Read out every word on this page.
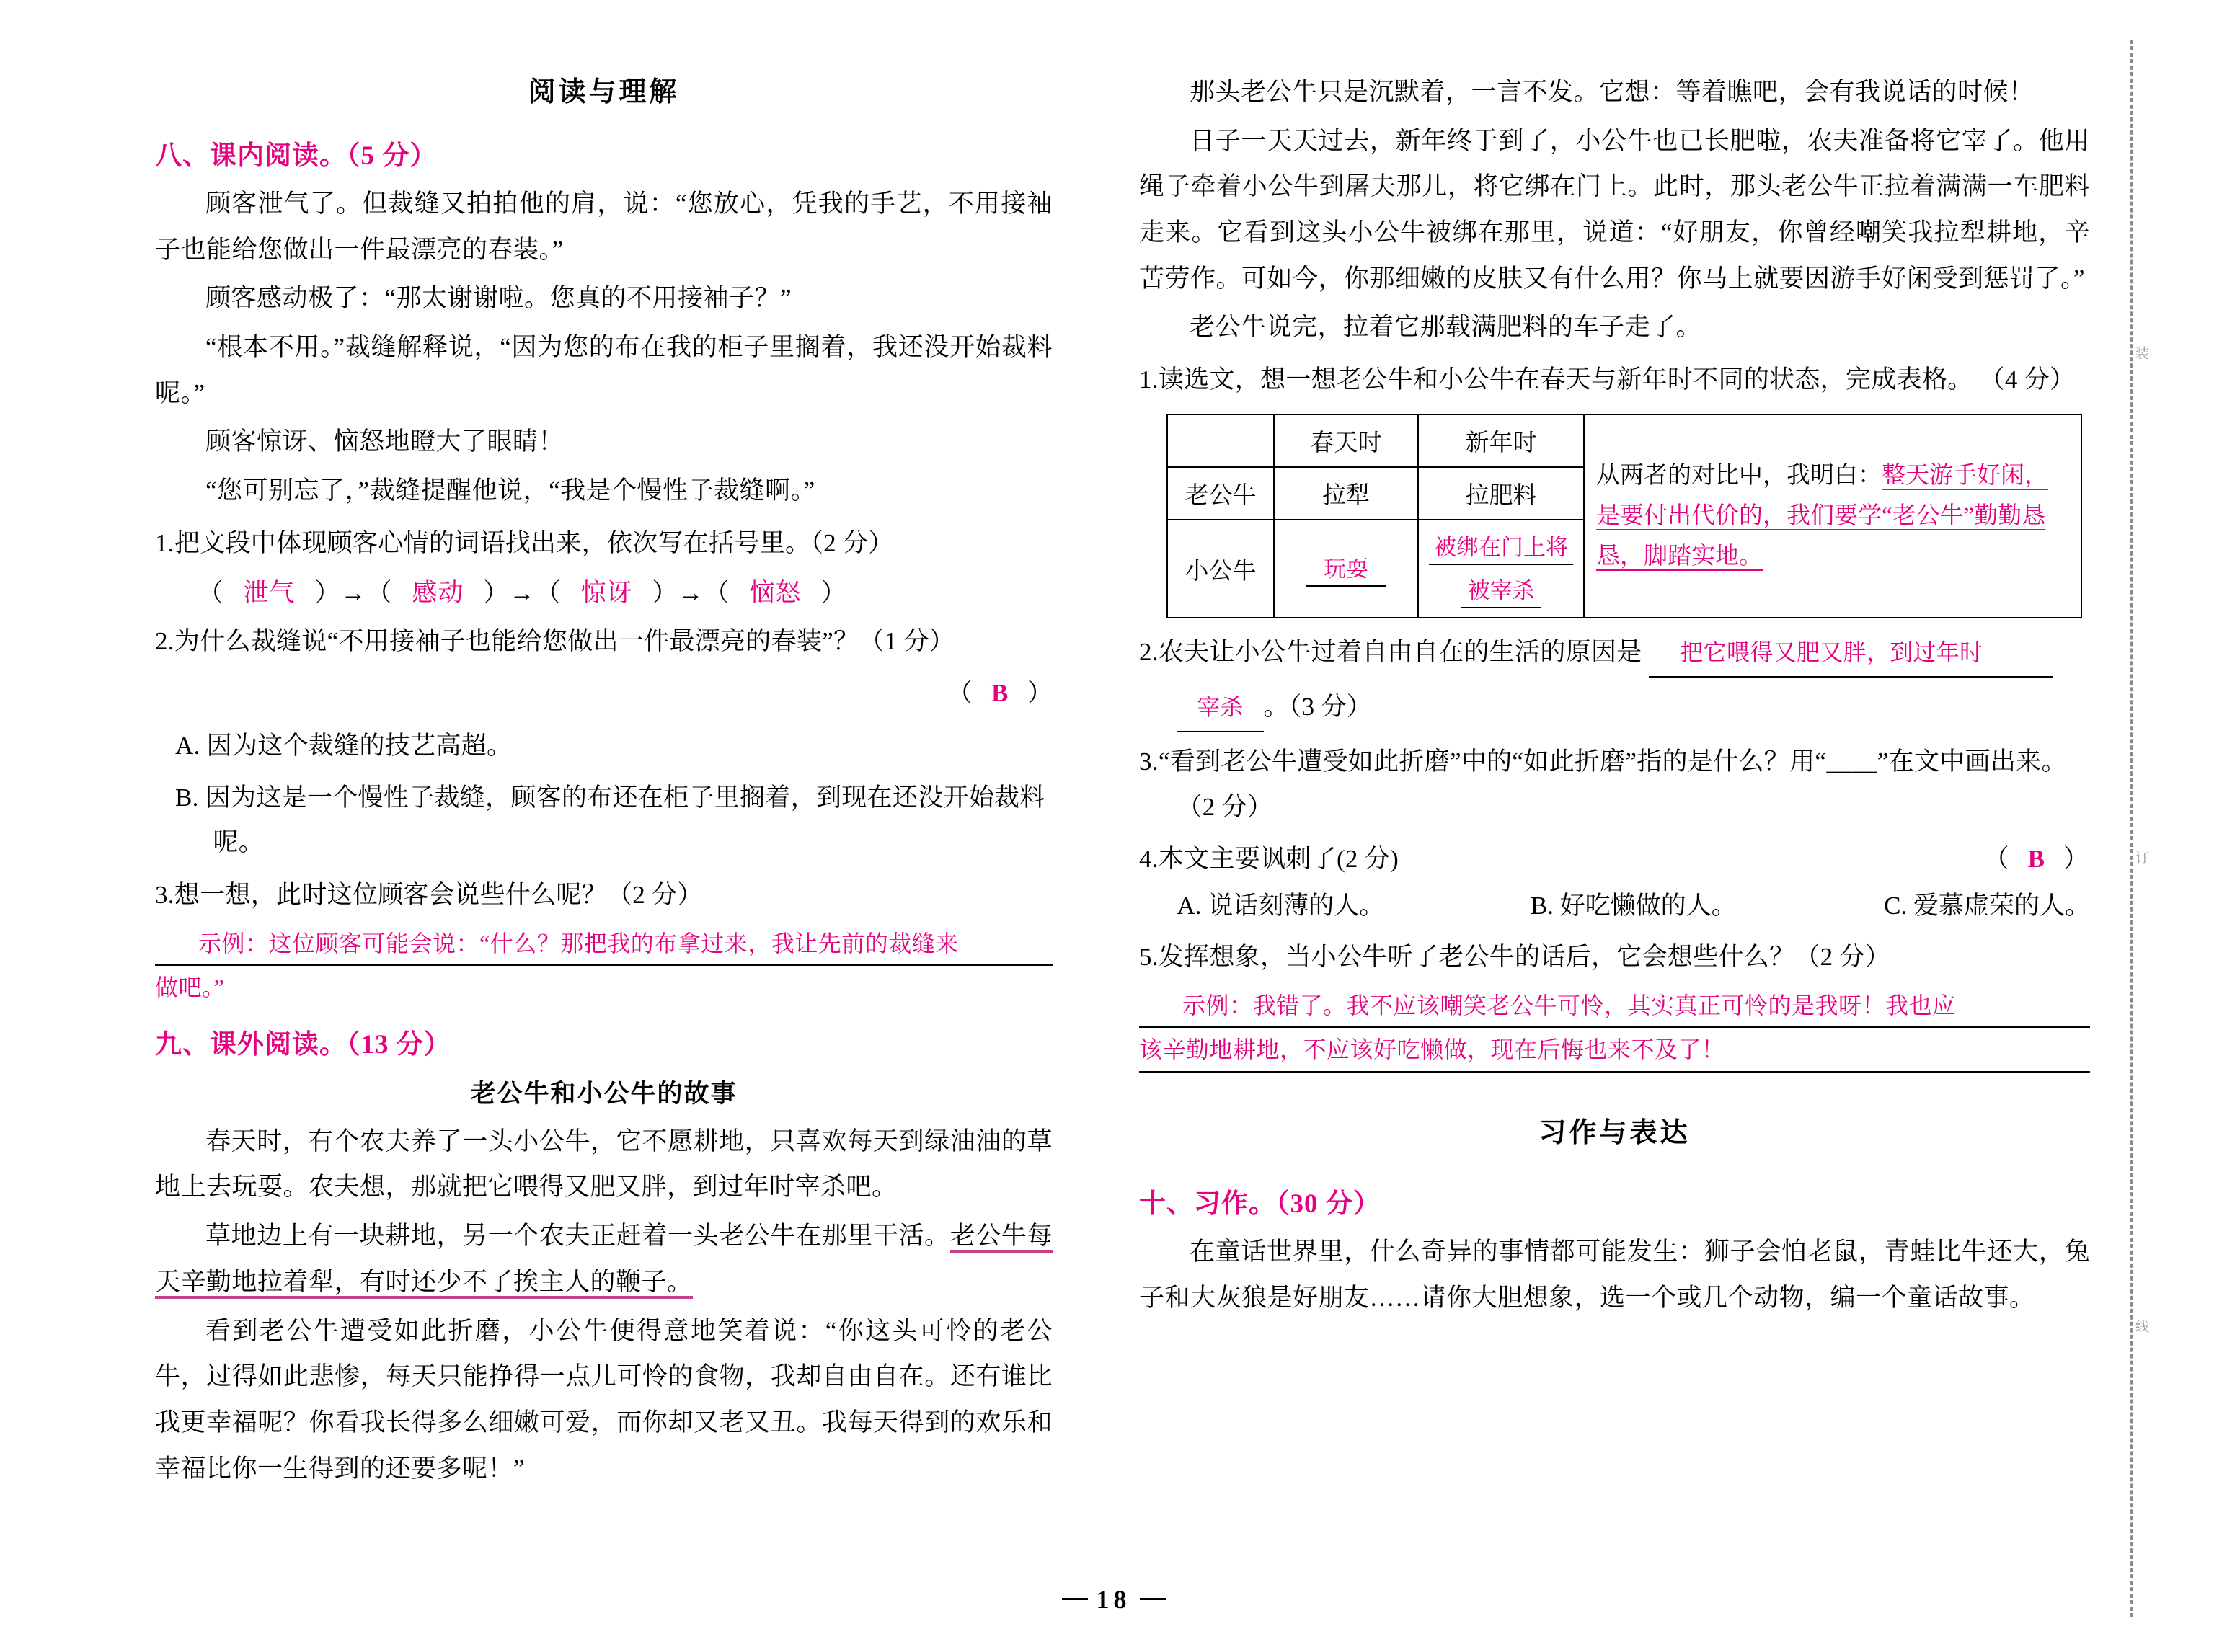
阅读与理解
八、课内阅读。（5 分）

顾客泄气了。但裁缝又拍拍他的肩，说：“您放心，凭我的手艺，不用接袖子也能给您做出一件最漂亮的春装。”

顾客感动极了：“那太谢谢啦。您真的不用接袖子？”

“根本不用。”裁缝解释说，“因为您的布在我的柜子里搁着，我还没开始裁料呢。”

顾客惊讶、恼怒地瞪大了眼睛！

“您可别忘了，”裁缝提醒他说，“我是个慢性子裁缝啊。”

1.把文段中体现顾客心情的词语找出来，依次写在括号里。（2 分）
（ 泄气 ）→（ 感动 ）→（ 惊讶 ）→（ 恼怒 ）
2.为什么裁缝说“不用接袖子也能给您做出一件最漂亮的春装”？（1 分）
（ B ）
A. 因为这个裁缝的技艺高超。
B. 因为这是一个慢性子裁缝，顾客的布还在柜子里搁着，到现在还没开始裁料呢。
3.想一想，此时这位顾客会说些什么呢？（2 分）
示例：这位顾客可能会说：“什么？那把我的布拿过来，我让先前的裁缝来
做吧。”
九、课外阅读。（13 分）
老公牛和小公牛的故事

春天时，有个农夫养了一头小公牛，它不愿耕地，只喜欢每天到绿油油的草地上去玩耍。农夫想，那就把它喂得又肥又胖，到过年时宰杀吧。

草地边上有一块耕地，另一个农夫正赶着一头老公牛在那里干活。老公牛每天辛勤地拉着犁，有时还少不了挨主人的鞭子。

看到老公牛遭受如此折磨，小公牛便得意地笑着说：“你这头可怜的老公牛，过得如此悲惨，每天只能挣得一点儿可怜的食物，我却自由自在。还有谁比我更幸福呢？你看我长得多么细嫩可爱，而你却又老又丑。我每天得到的欢乐和幸福比你一生得到的还要多呢！”

那头老公牛只是沉默着，一言不发。它想：等着瞧吧，会有我说话的时候！

日子一天天过去，新年终于到了，小公牛也已长肥啦，农夫准备将它宰了。他用绳子牵着小公牛到屠夫那儿，将它绑在门上。此时，那头老公牛正拉着满满一车肥料走来。它看到这头小公牛被绑在那里，说道：“好朋友，你曾经嘲笑我拉犁耕地，辛苦劳作。可如今，你那细嫩的皮肤又有什么用？你马上就要因游手好闲受到惩罚了。”

老公牛说完，拉着它那载满肥料的车子走了。

1.读选文，想一想老公牛和小公牛在春天与新年时不同的状态，完成表格。 （4 分）
	春天时	新年时	从两者的对比中，我明白：整天游手好闲，是要付出代价的，我们要学“老公牛”勤勤恳恳，脚踏实地。
老公牛	拉犁	拉肥料	
小公牛	玩耍	被绑在门上将
被宰杀	
2.农夫让小公牛过着自由自在的生活的原因是 把它喂得又肥又胖，到过年时
宰杀 。（3 分）
3.“看到老公牛遭受如此折磨”中的“如此折磨”指的是什么？用“＿＿”在文中画出来。（2 分）
（ B ）
4.本文主要讽刺了(2 分)
A. 说话刻薄的人。	B. 好吃懒做的人。	C. 爱慕虚荣的人。
5.发挥想象，当小公牛听了老公牛的话后，它会想些什么？（2 分）
示例：我错了。我不应该嘲笑老公牛可怜，其实真正可怜的是我呀！我也应
该辛勤地耕地，不应该好吃懒做，现在后悔也来不及了！
习作与表达
十、习作。（30 分）

在童话世界里，什么奇异的事情都可能发生：狮子会怕老鼠，青蛙比牛还大，兔子和大灰狼是好朋友……请你大胆想象，选一个或几个动物，编一个童话故事。

装
订
线
18
